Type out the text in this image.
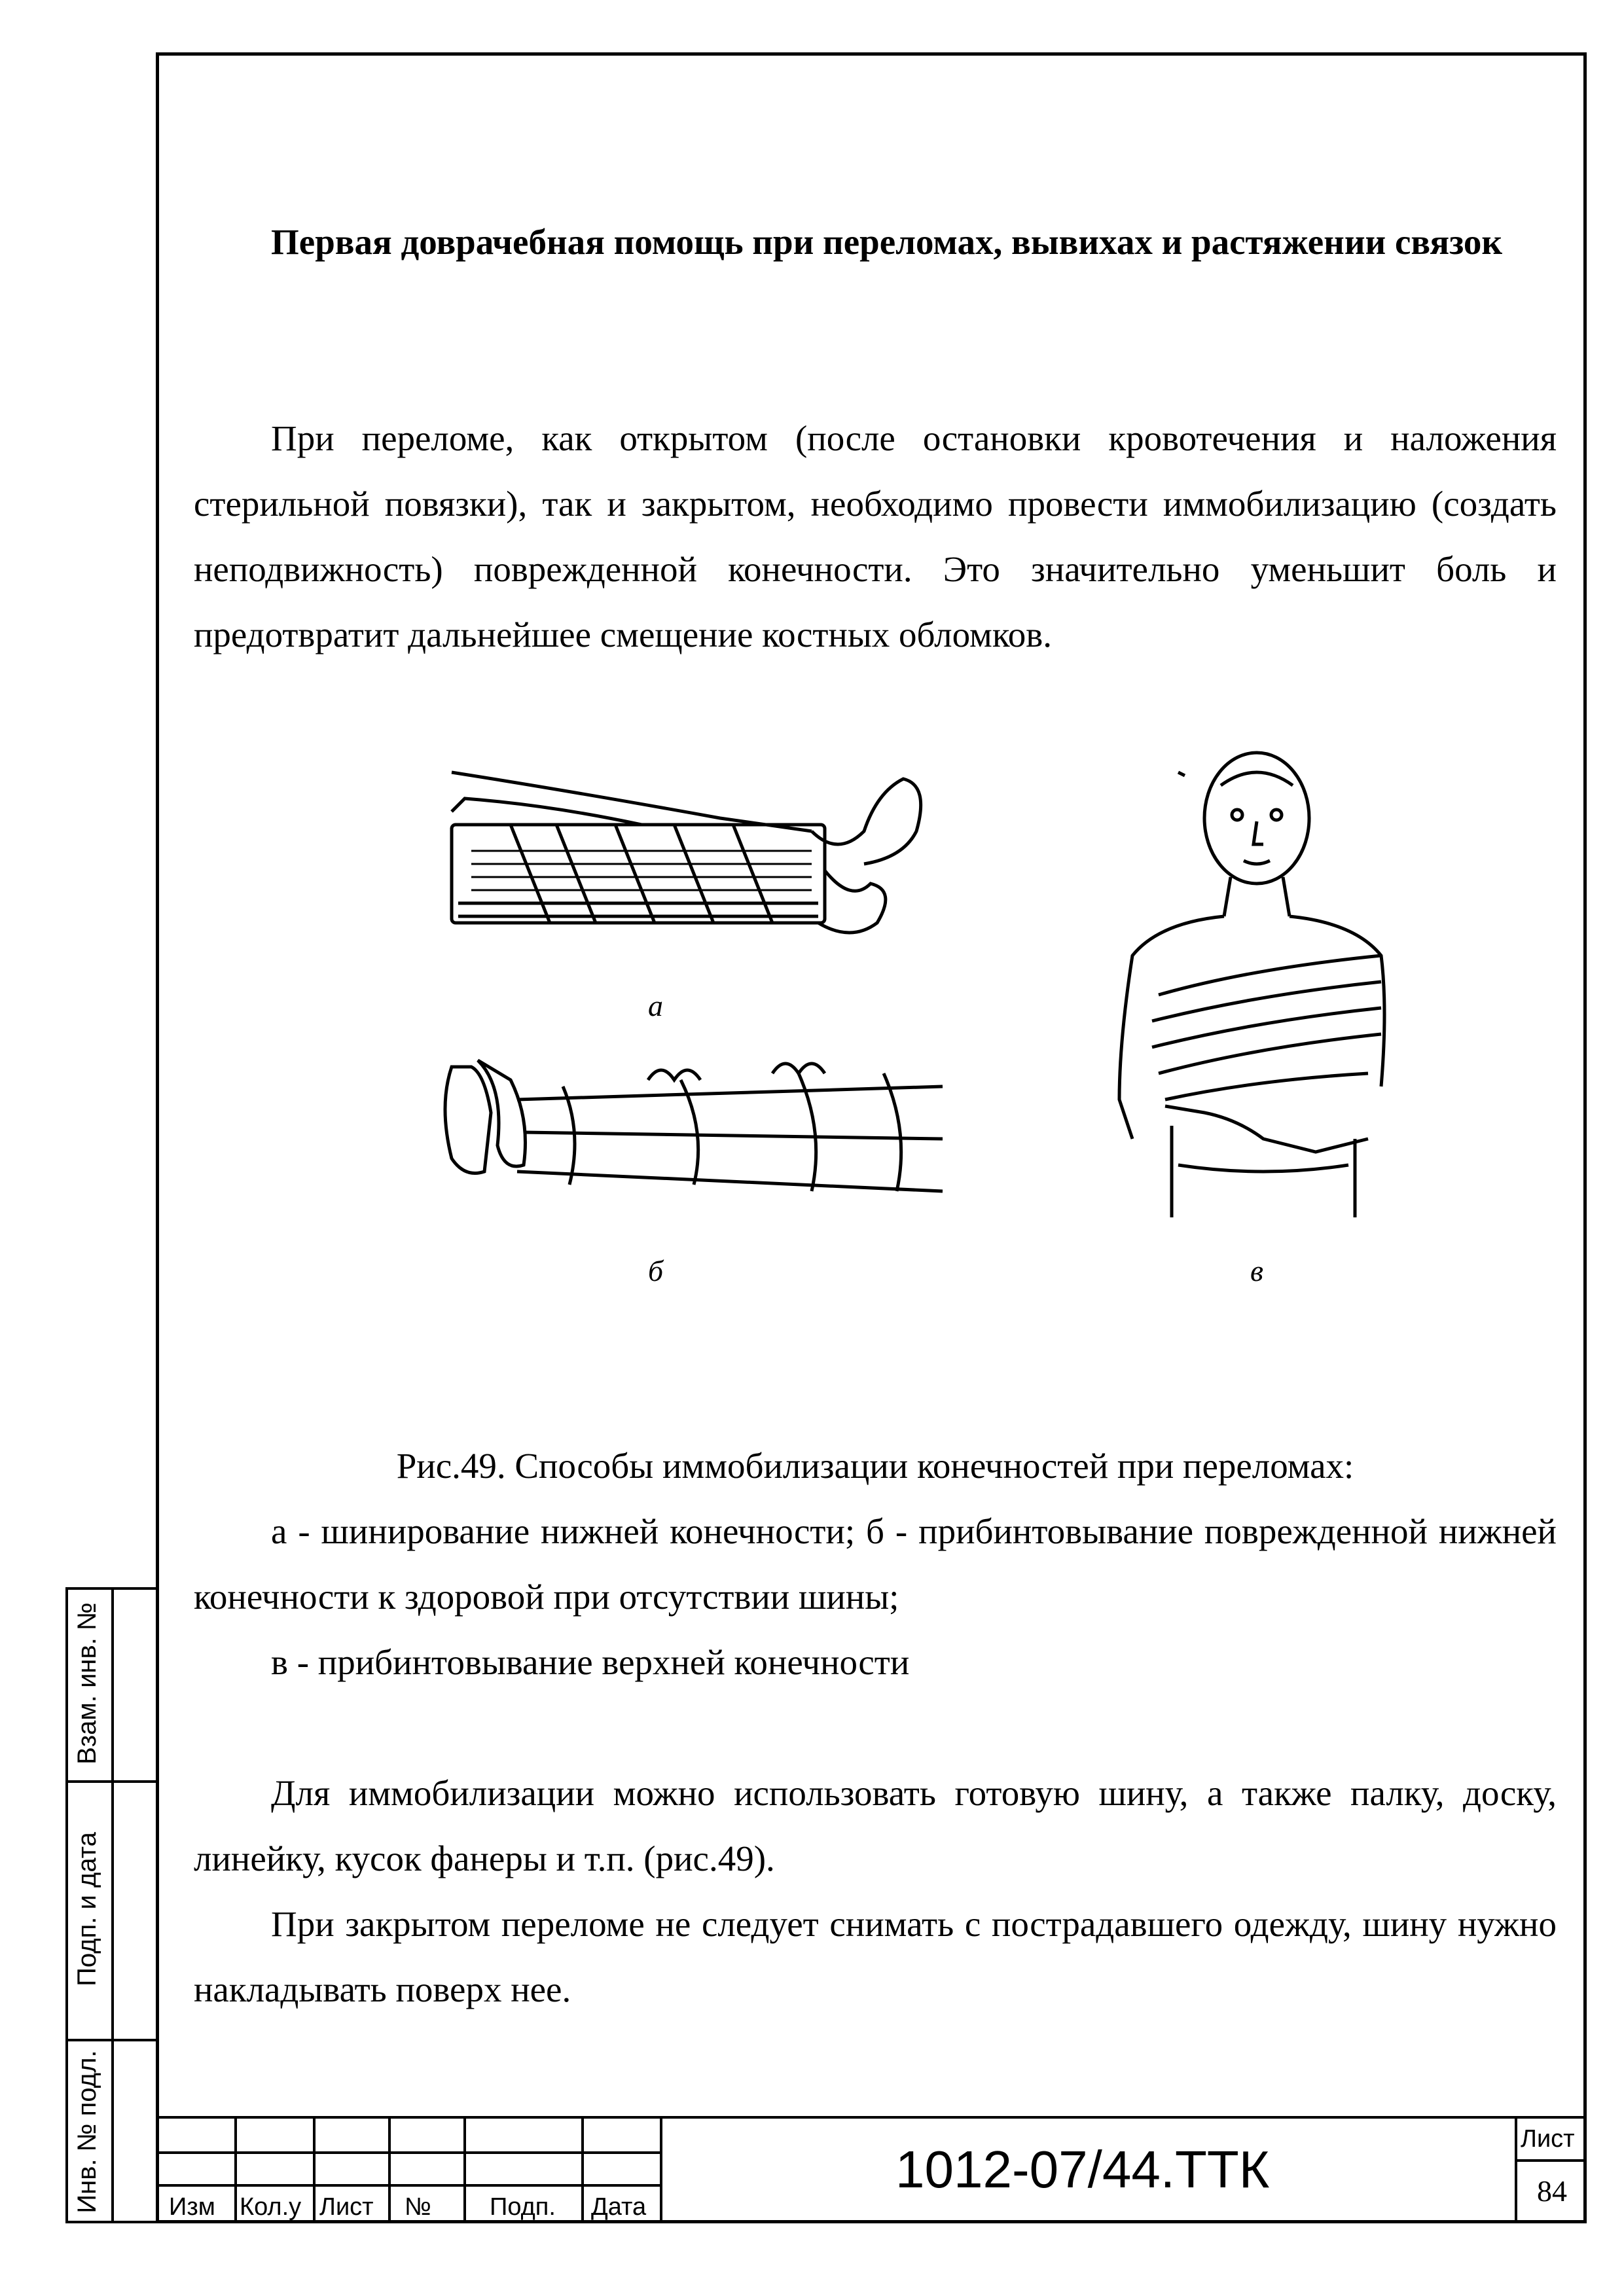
Первая доврачебная помощь при переломах, вывихах и растяжении связок

При переломе, как открытом (после остановки кровотечения и наложения стерильной повязки), так и закрытом, необходимо провести иммобилизацию (создать неподвижность) поврежденной конечности. Это значительно уменьшит боль и предотвратит дальнейшее смещение костных обломков.

а
б	в

Рис.49. Способы иммобилизации конечностей при переломах:

а - шинирование нижней конечности; б - прибинтовывание поврежденной нижней конечности к здоровой при отсутствии шины;

в - прибинтовывание верхней конечности

Для иммобилизации можно использовать готовую шину, а также палку, доску, линейку, кусок фанеры и т.п. (рис.49).

При закрытом переломе не следует снимать с пострадавшего одежду, шину нужно накладывать поверх нее.

Взам. инв. №
Подп. и дата
Инв. № подл.	Изм Кол.у Лист № Подп. Дата
1012-07/44.ТТК
Лист
84
